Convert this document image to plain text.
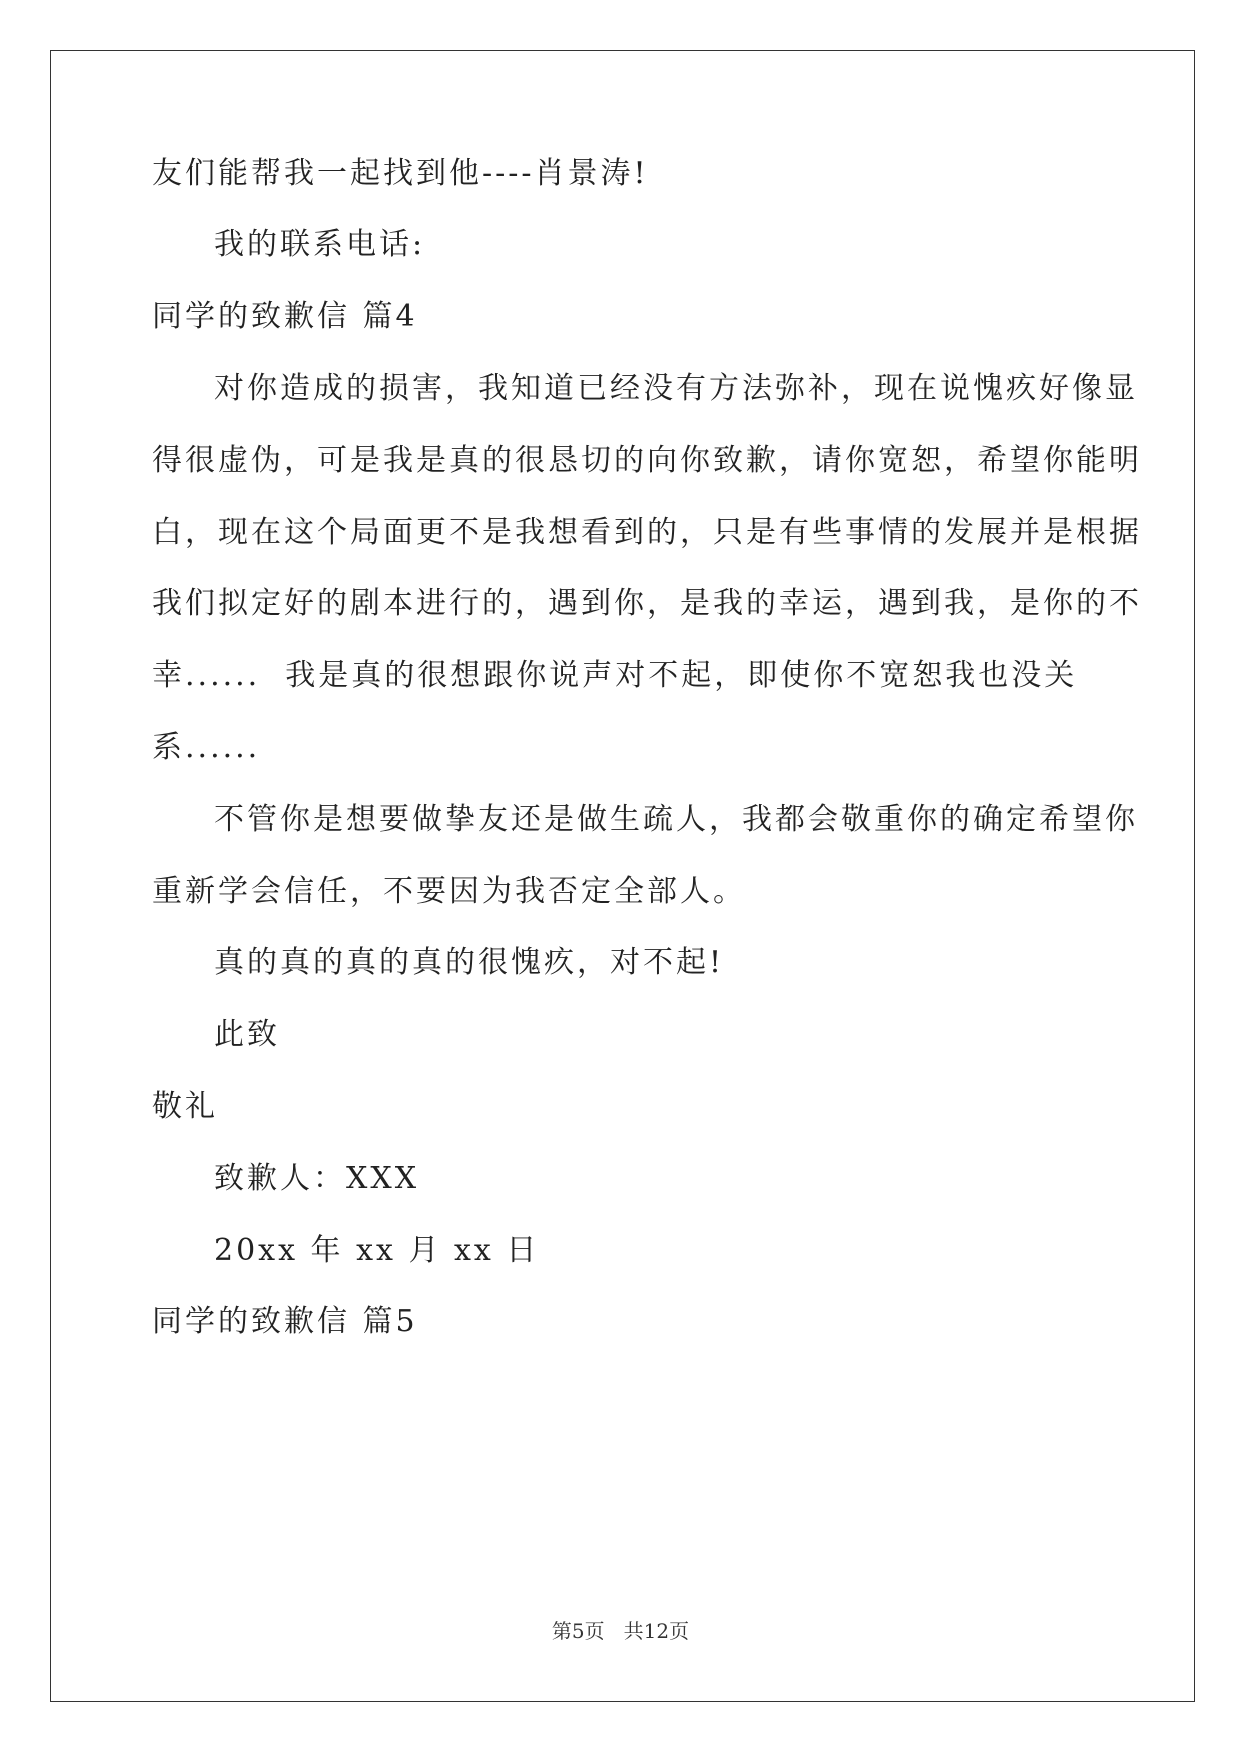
友们能帮我一起找到他----肖景涛!
我的联系电话:
同学的致歉信 篇4
对你造成的损害，我知道已经没有方法弥补，现在说愧疚好像显
得很虚伪，可是我是真的很恳切的向你致歉，请你宽恕，希望你能明
白，现在这个局面更不是我想看到的，只是有些事情的发展并是根据
我们拟定好的剧本进行的，遇到你，是我的幸运，遇到我，是你的不
幸......  我是真的很想跟你说声对不起，即使你不宽恕我也没关
系......
不管你是想要做挚友还是做生疏人，我都会敬重你的确定希望你
重新学会信任，不要因为我否定全部人。
真的真的真的真的很愧疚，对不起!
此致
敬礼
致歉人：XXX
20xx 年 xx 月 xx 日
同学的致歉信 篇5
第5页   共12页
